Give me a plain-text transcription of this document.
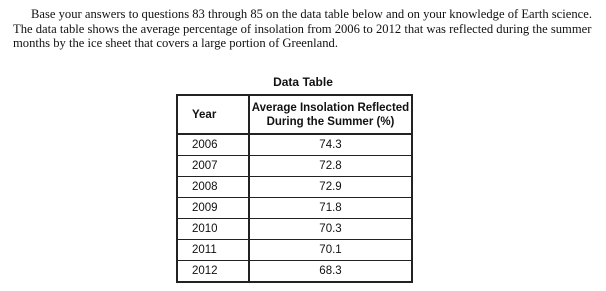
Base your answers to questions 83 through 85 on the data table below and on your knowledge of Earth science. The data table shows the average percentage of insolation from 2006 to 2012 that was reflected during the summer months by the ice sheet that covers a large portion of Greenland.

Data Table
Year	Average Insolation Reflected
During the Summer (%)
2006	74.3
2007	72.8
2008	72.9
2009	71.8
2010	70.3
2011	70.1
2012	68.3
